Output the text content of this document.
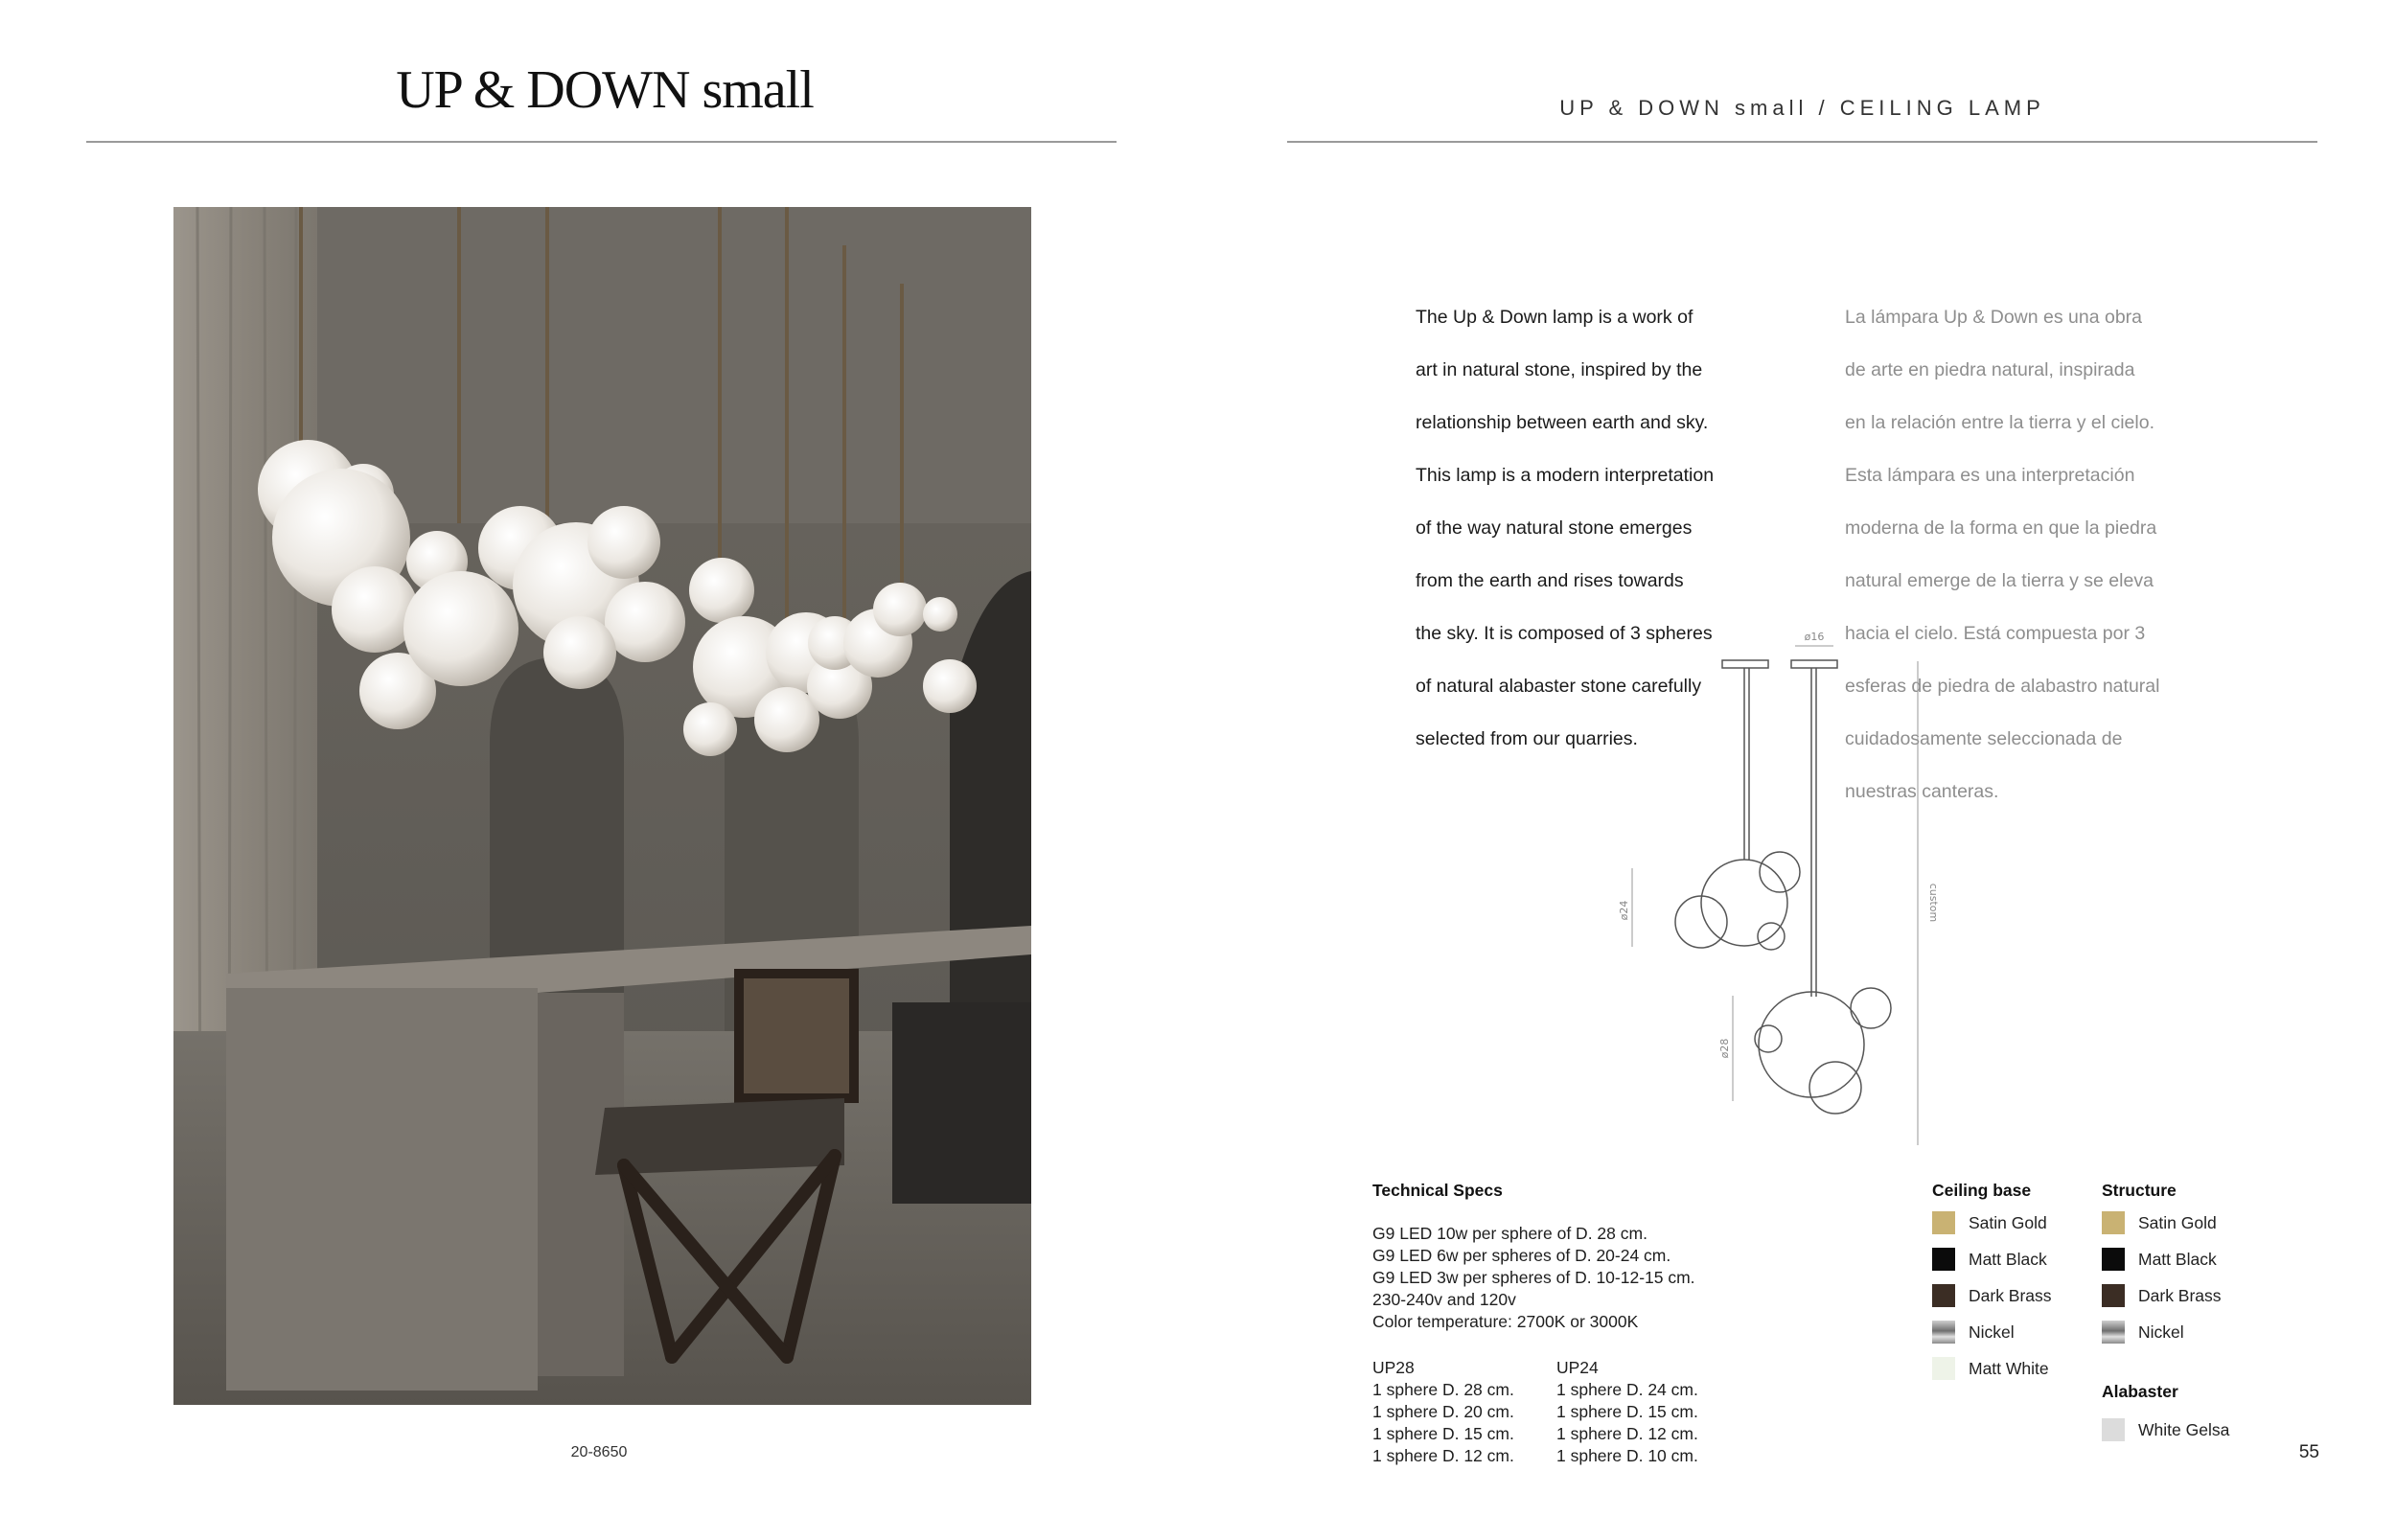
UP & DOWN small
20-8650
UP & DOWN small / CEILING LAMP

The Up & Down lamp is a work of

art in natural stone, inspired by the

relationship between earth and sky.

This lamp is a modern interpretation

of the way natural stone emerges

from the earth and rises towards

the sky. It is composed of 3 spheres

of natural alabaster stone carefully

selected from our quarries.

La lámpara Up & Down es una obra

de arte en piedra natural, inspirada

en la relación entre la tierra y el cielo.

Esta lámpara es una interpretación

moderna de la forma en que la piedra

natural emerge de la tierra y se eleva

hacia el cielo. Está compuesta por 3

esferas de piedra de alabastro natural

cuidadosamente seleccionada de

nuestras canteras.

ø16
ø24
ø28
custom
Technical Specs
G9 LED 10w per sphere of D. 28 cm.
G9 LED 6w per spheres of D. 20-24 cm.
G9 LED 3w per spheres of D. 10-12-15 cm.
230-240v and 120v
Color temperature: 2700K or 3000K
UP28
1 sphere D. 28 cm.
1 sphere D. 20 cm.
1 sphere D. 15 cm.
1 sphere D. 12 cm.
UP24
1 sphere D. 24 cm.
1 sphere D. 15 cm.
1 sphere D. 12 cm.
1 sphere D. 10 cm.
Ceiling base
Satin Gold
Matt Black
Dark Brass
Nickel
Matt White
Structure
Satin Gold
Matt Black
Dark Brass
Nickel
Alabaster
White Gelsa
55
